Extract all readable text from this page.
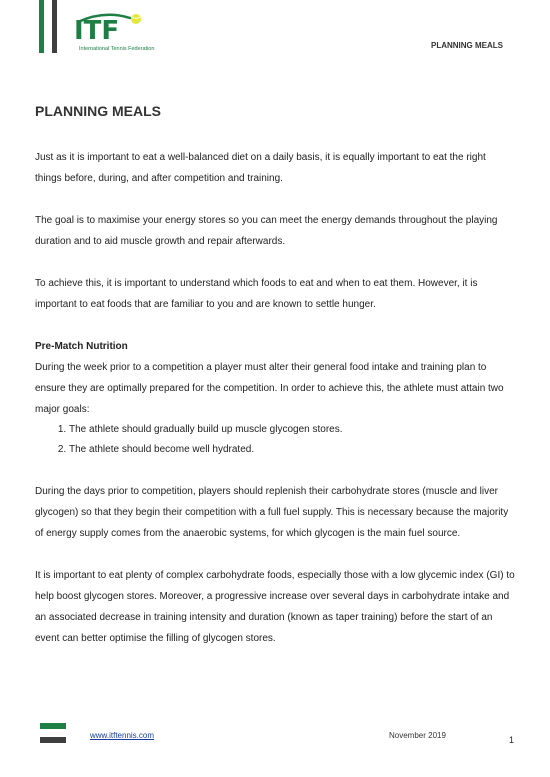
ITF
International Tennis Federation	PLANNING MEALS
PLANNING MEALS

Just as it is important to eat a well-balanced diet on a daily basis, it is equally important to eat the right things before, during, and after competition and training.

The goal is to maximise your energy stores so you can meet the energy demands throughout the playing duration and to aid muscle growth and repair afterwards.

To achieve this, it is important to understand which foods to eat and when to eat them. However, it is important to eat foods that are familiar to you and are known to settle hunger.

Pre-Match Nutrition

During the week prior to a competition a player must alter their general food intake and training plan to ensure they are optimally prepared for the competition. In order to achieve this, the athlete must attain two major goals:

1. The athlete should gradually build up muscle glycogen stores.
2. The athlete should become well hydrated.

During the days prior to competition, players should replenish their carbohydrate stores (muscle and liver glycogen) so that they begin their competition with a full fuel supply. This is necessary because the majority of energy supply comes from the anaerobic systems, for which glycogen is the main fuel source.

It is important to eat plenty of complex carbohydrate foods, especially those with a low glycemic index (GI) to help boost glycogen stores. Moreover, a progressive increase over several days in carbohydrate intake and an associated decrease in training intensity and duration (known as taper training) before the start of an event can better optimise the filling of glycogen stores.

www.itftennis.com	November 2019	1
